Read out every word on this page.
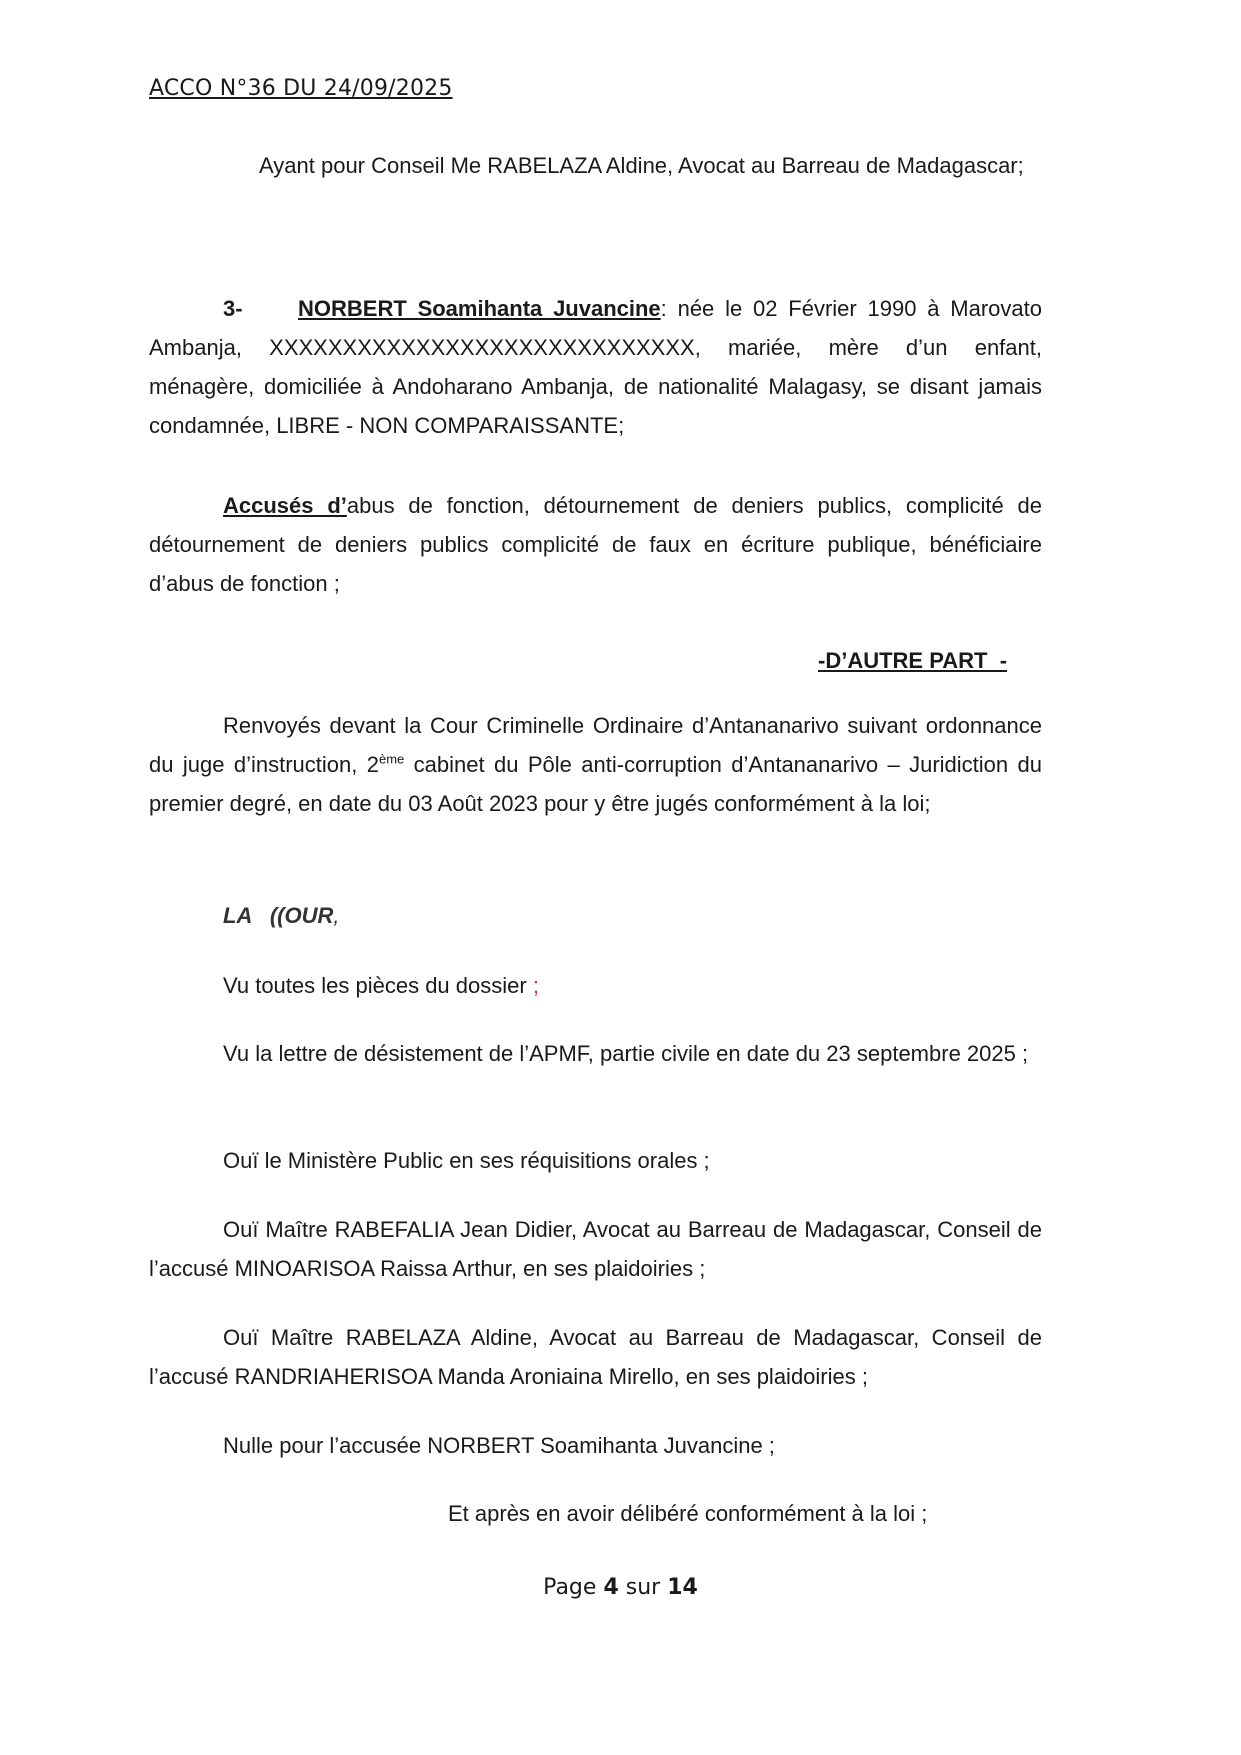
ACCO N°36 DU 24/09/2025
Ayant pour Conseil Me RABELAZA Aldine, Avocat au Barreau de Madagascar;
3-	NORBERT Soamihanta Juvancine: née le 02 Février 1990 à Marovato Ambanja, XXXXXXXXXXXXXXXXXXXXXXXXXXXXX, mariée, mère d’un enfant, ménagère, domiciliée à Andoharano Ambanja, de nationalité Malagasy, se disant jamais condamnée, LIBRE - NON COMPARAISSANTE;
Accusés d’abus de fonction, détournement de deniers publics, complicité de détournement de deniers publics complicité de faux en écriture publique, bénéficiaire d’abus de fonction ;
-D’AUTRE PART  -
Renvoyés devant la Cour Criminelle Ordinaire d’Antananarivo suivant ordonnance du juge d’instruction, 2ème cabinet du Pôle anti-corruption d’Antananarivo – Juridiction du premier degré, en date du 03 Août 2023 pour y être jugés conformément à la loi;
LA   ((OUR,
Vu toutes les pièces du dossier ;
Vu la lettre de désistement de l’APMF, partie civile en date du 23 septembre 2025 ;
Ouï le Ministère Public en ses réquisitions orales ;
Ouï Maître RABEFALIA Jean Didier, Avocat au Barreau de Madagascar, Conseil de l’accusé MINOARISOA Raissa Arthur, en ses plaidoiries ;
Ouï Maître RABELAZA Aldine, Avocat au Barreau de Madagascar, Conseil de l’accusé RANDRIAHERISOA Manda Aroniaina Mirello, en ses plaidoiries ;
Nulle pour l’accusée NORBERT Soamihanta Juvancine ;
Et après en avoir délibéré conformément à la loi ;
Page 4 sur 14
